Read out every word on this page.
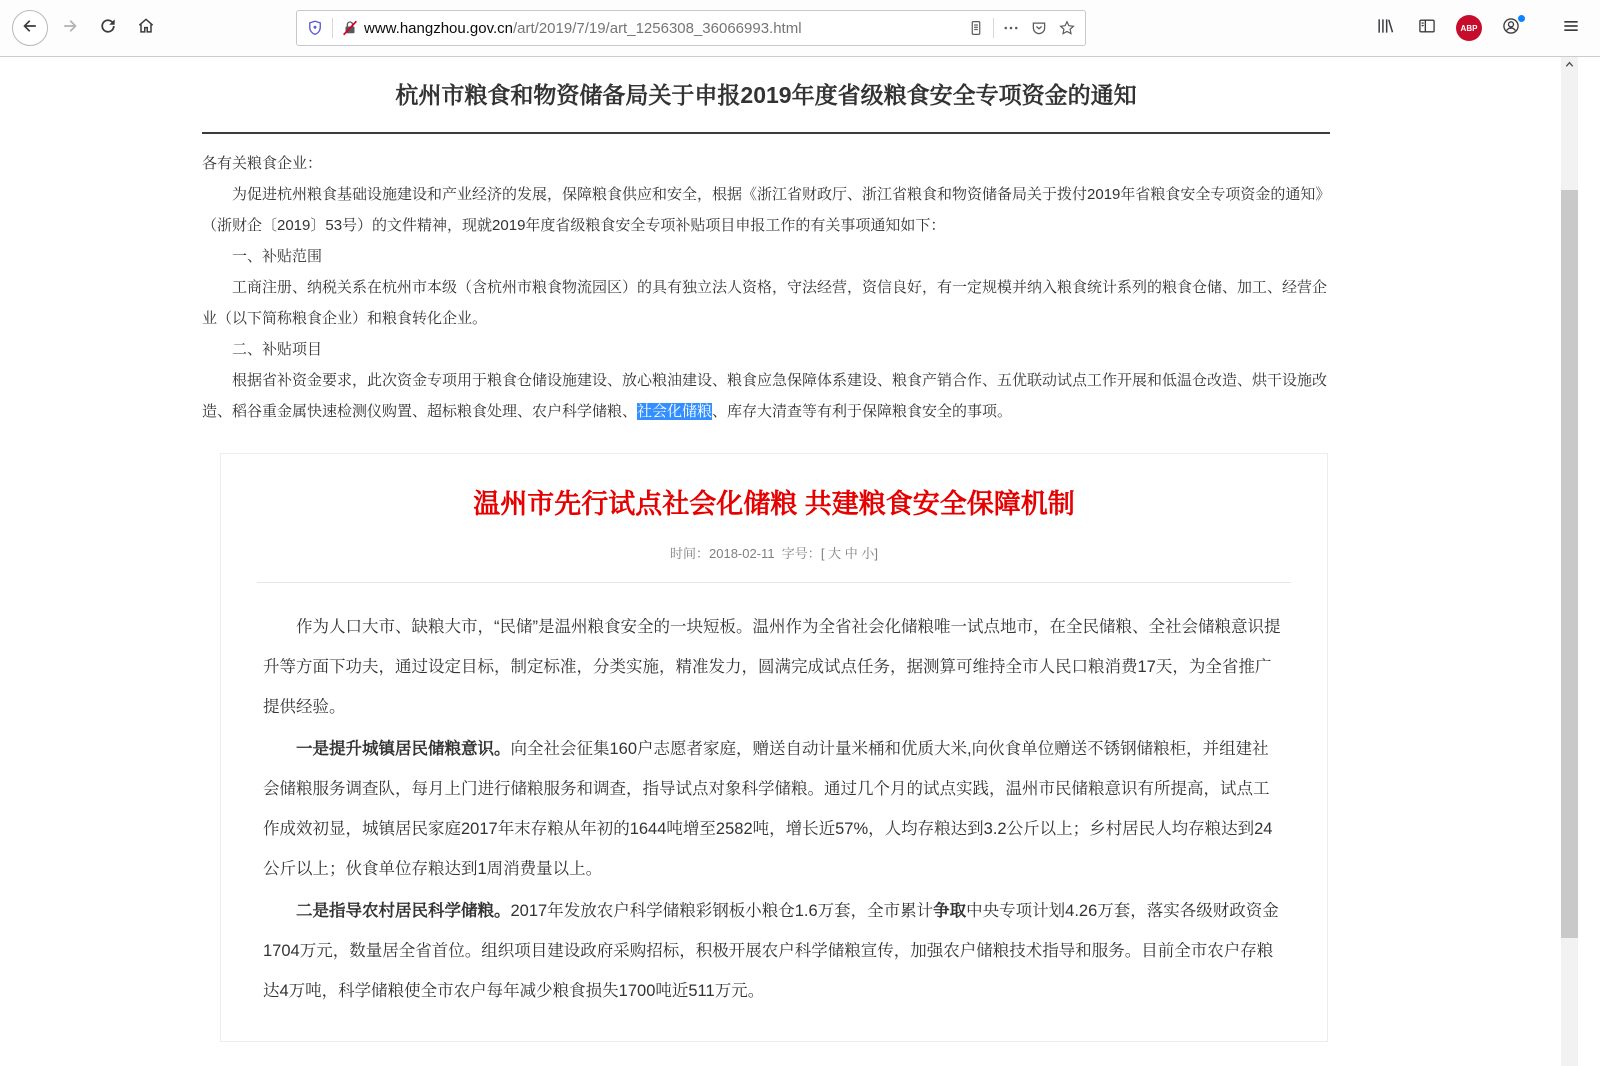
www.hangzhou.gov.cn/art/2019/7/19/art_1256308_36066993.html	ABP
杭州市粮食和物资储备局关于申报2019年度省级粮食安全专项资金的通知

各有关粮食企业：

为促进杭州粮食基础设施建设和产业经济的发展，保障粮食供应和安全，根据《浙江省财政厅、浙江省粮食和物资储备局关于拨付2019年省粮食安全专项资金的通知》（浙财企〔2019〕53号）的文件精神，现就2019年度省级粮食安全专项补贴项目申报工作的有关事项通知如下：

一、补贴范围

工商注册、纳税关系在杭州市本级（含杭州市粮食物流园区）的具有独立法人资格，守法经营，资信良好，有一定规模并纳入粮食统计系列的粮食仓储、加工、经营企业（以下简称粮食企业）和粮食转化企业。

二、补贴项目

根据省补资金要求，此次资金专项用于粮食仓储设施建设、放心粮油建设、粮食应急保障体系建设、粮食产销合作、五优联动试点工作开展和低温仓改造、烘干设施改造、稻谷重金属快速检测仪购置、超标粮食处理、农户科学储粮、社会化储粮、库存大清查等有利于保障粮食安全的事项。

温州市先行试点社会化储粮 共建粮食安全保障机制
时间：2018-02-11 字号：[ 大 中 小]

作为人口大市、缺粮大市，“民储”是温州粮食安全的一块短板。温州作为全省社会化储粮唯一试点地市，在全民储粮、全社会储粮意识提升等方面下功夫，通过设定目标，制定标准，分类实施，精准发力，圆满完成试点任务，据测算可维持全市人民口粮消费17天，为全省推广提供经验。

一是提升城镇居民储粮意识。向全社会征集160户志愿者家庭，赠送自动计量米桶和优质大米,向伙食单位赠送不锈钢储粮柜，并组建社会储粮服务调查队，每月上门进行储粮服务和调查，指导试点对象科学储粮。通过几个月的试点实践，温州市民储粮意识有所提高，试点工作成效初显，城镇居民家庭2017年末存粮从年初的1644吨增至2582吨，增长近57%，人均存粮达到3.2公斤以上；乡村居民人均存粮达到24公斤以上；伙食单位存粮达到1周消费量以上。

二是指导农村居民科学储粮。2017年发放农户科学储粮彩钢板小粮仓1.6万套，全市累计争取中央专项计划4.26万套，落实各级财政资金1704万元，数量居全省首位。组织项目建设政府采购招标，积极开展农户科学储粮宣传，加强农户储粮技术指导和服务。目前全市农户存粮达4万吨，科学储粮使全市农户每年减少粮食损失1700吨近511万元。
